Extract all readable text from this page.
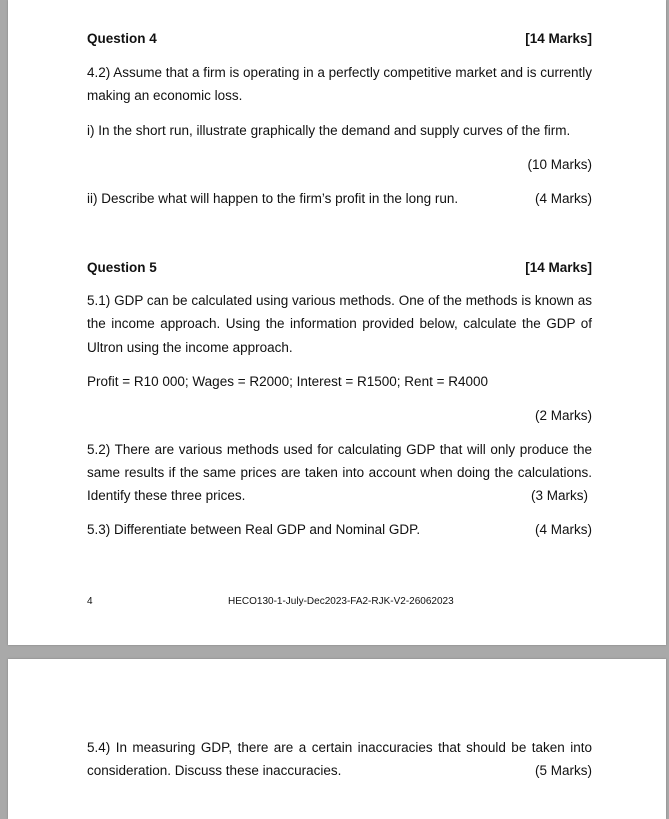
Question 4	[14 Marks]
4.2) Assume that a firm is operating in a perfectly competitive market and is currently
making an economic loss.
i) In the short run, illustrate graphically the demand and supply curves of the firm.
(10 Marks)
ii) Describe what will happen to the firm’s profit in the long run.	(4 Marks)
Question 5	[14 Marks]
5.1) GDP can be calculated using various methods. One of the methods is known as
the income approach. Using the information provided below, calculate the GDP of
Ultron using the income approach.
Profit = R10 000; Wages = R2000; Interest = R1500; Rent = R4000
(2 Marks)
5.2) There are various methods used for calculating GDP that will only produce the
same results if the same prices are taken into account when doing the calculations.
Identify these three prices.	(3 Marks)
5.3) Differentiate between Real GDP and Nominal GDP.	(4 Marks)
4	HECO130-1-July-Dec2023-FA2-RJK-V2-26062023
5.4) In measuring GDP, there are a certain inaccuracies that should be taken into
consideration. Discuss these inaccuracies.	(5 Marks)
